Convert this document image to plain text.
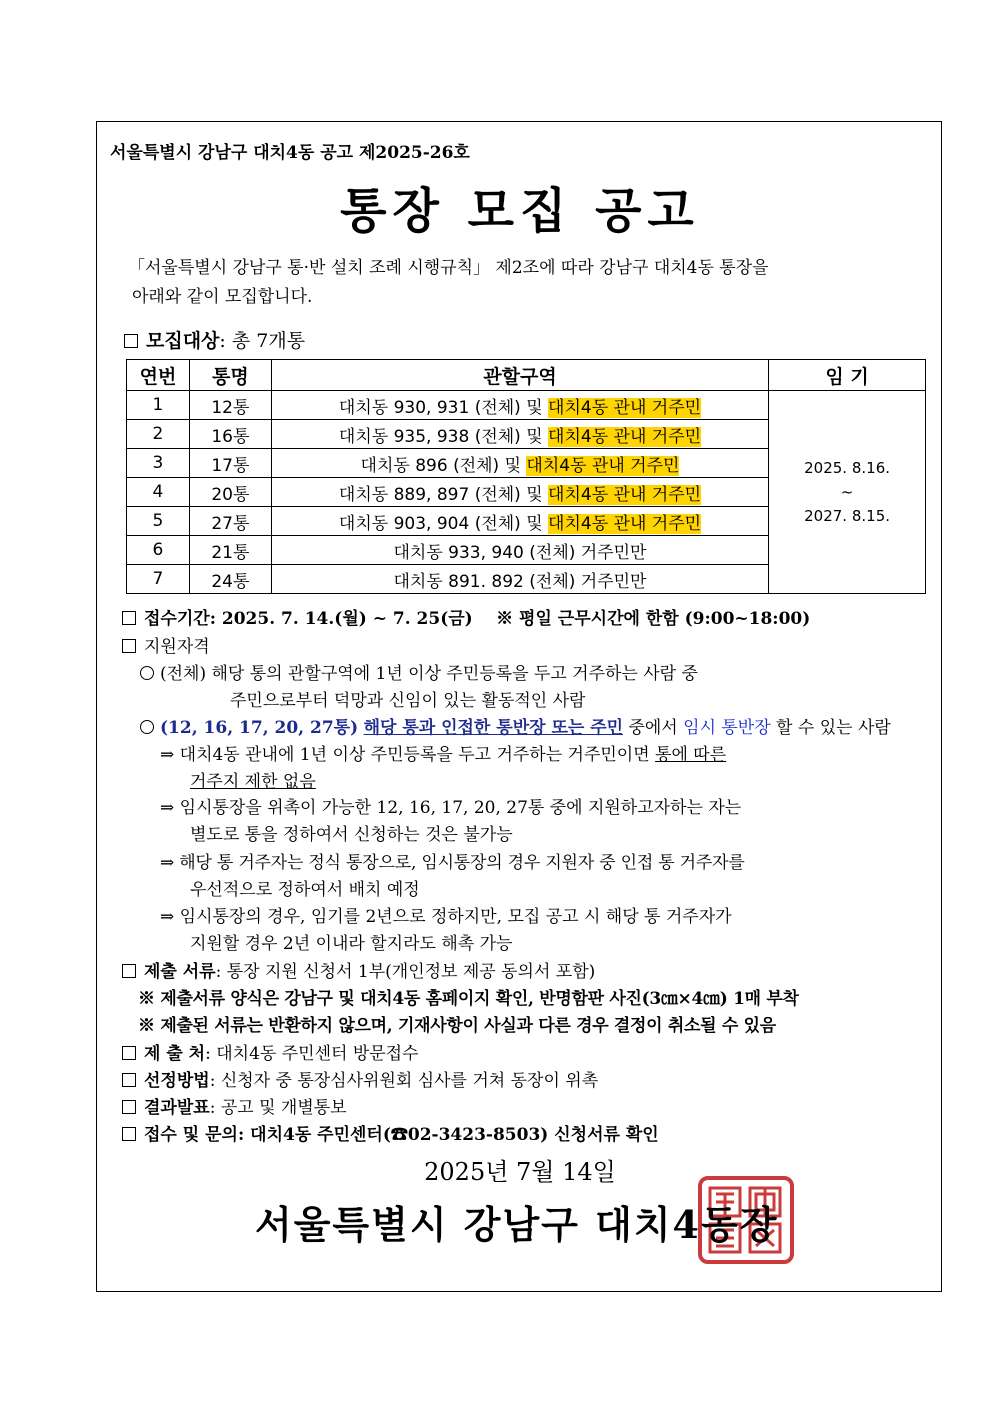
서울특별시 강남구 대치4동 공고 제2025-26호
통장 모집 공고
「서울특별시 강남구 통·반 설치 조례 시행규칙」 제2조에 따라 강남구 대치4동 통장을
아래와 같이 모집합니다.
모집대상: 총 7개통
연번	통명	관할구역	임 기
1	12통	대치동 930, 931 (전체) 및 대치4동 관내 거주민	2025. 8.16.
~
2027. 8.15.

2	16통	대치동 935, 938 (전체) 및 대치4동 관내 거주민	
3	17통	대치동 896 (전체) 및 대치4동 관내 거주민	
4	20통	대치동 889, 897 (전체) 및 대치4동 관내 거주민	
5	27통	대치동 903, 904 (전체) 및 대치4동 관내 거주민	
6	21통	대치동 933, 940 (전체) 거주민만	
7	24통	대치동 891. 892 (전체) 거주민만	
접수기간: 2025. 7. 14.(월) ~ 7. 25(금) ※ 평일 근무시간에 한함 (9:00~18:00)
지원자격
(전체) 해당 통의 관할구역에 1년 이상 주민등록을 두고 거주하는 사람 중
주민으로부터 덕망과 신임이 있는 활동적인 사람
(12, 16, 17, 20, 27통) 해당 통과 인접한 통반장 또는 주민 중에서 임시 통반장 할 수 있는 사람
⇒ 대치4동 관내에 1년 이상 주민등록을 두고 거주하는 거주민이면 통에 따른
거주지 제한 없음
⇒ 임시통장을 위촉이 가능한 12, 16, 17, 20, 27통 중에 지원하고자하는 자는
별도로 통을 정하여서 신청하는 것은 불가능
⇒ 해당 통 거주자는 정식 통장으로, 임시통장의 경우 지원자 중 인접 통 거주자를
우선적으로 정하여서 배치 예정
⇒ 임시통장의 경우, 임기를 2년으로 정하지만, 모집 공고 시 해당 통 거주자가
지원할 경우 2년 이내라 할지라도 해촉 가능
제출 서류: 통장 지원 신청서 1부(개인정보 제공 동의서 포함)
※ 제출서류 양식은 강남구 및 대치4동 홈페이지 확인, 반명함판 사진(3㎝×4㎝) 1매 부착
※ 제출된 서류는 반환하지 않으며, 기재사항이 사실과 다른 경우 결정이 취소될 수 있음
제 출 처: 대치4동 주민센터 방문접수
선정방법: 신청자 중 통장심사위원회 심사를 거쳐 동장이 위촉
결과발표: 공고 및 개별통보
접수 및 문의: 대치4동 주민센터(☎02-3423-8503) 신청서류 확인
2025년 7월 14일
서울특별시 강남구 대치4동장
